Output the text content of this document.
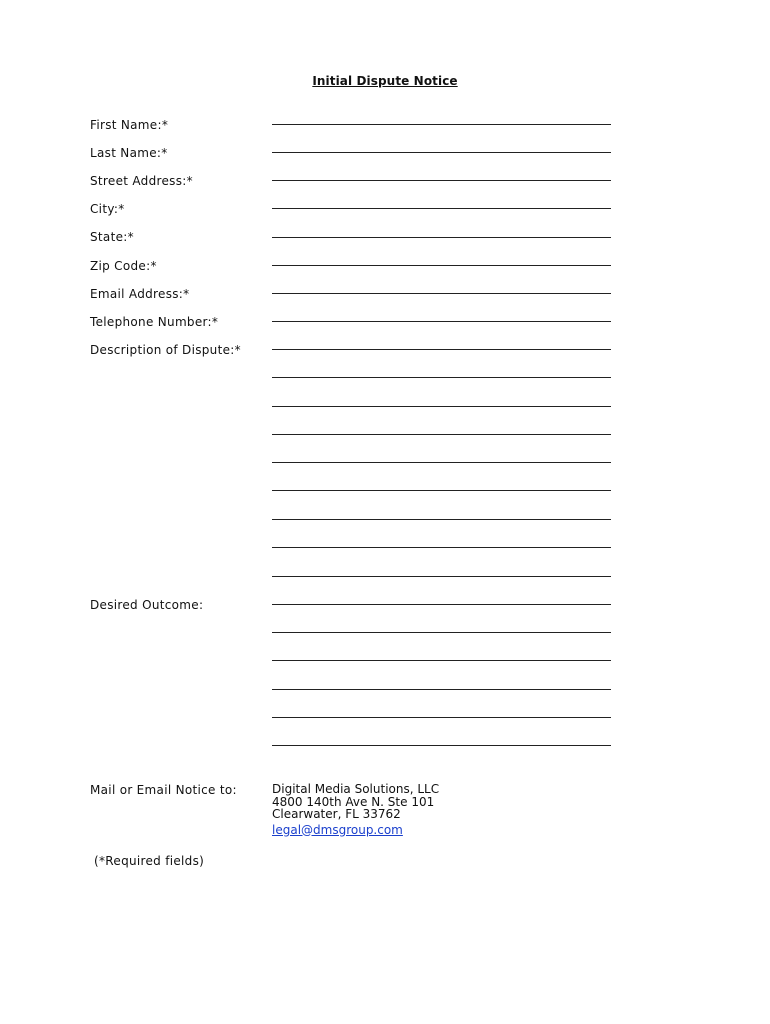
Initial Dispute Notice
First Name:*
Last Name:*
Street Address:*
City:*
State:*
Zip Code:*
Email Address:*
Telephone Number:*
Description of Dispute:*
Desired Outcome:
Mail or Email Notice to:	Digital Media Solutions, LLC
4800 140th Ave N. Ste 101
Clearwater, FL 33762
legal@dmsgroup.com
(*Required fields)
